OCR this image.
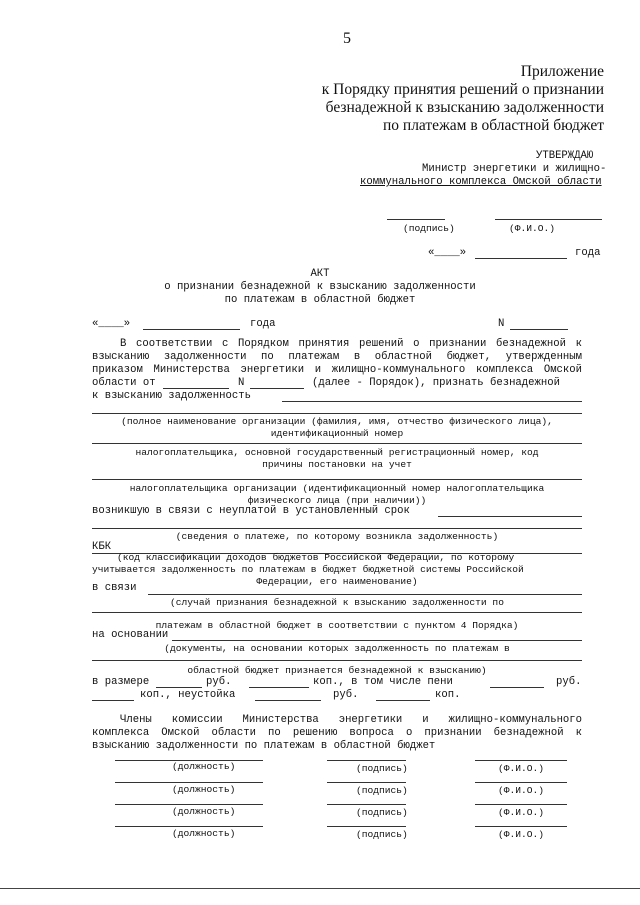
5
Приложение
к Порядку принятия решений о признании
безнадежной к взысканию задолженности
по платежам в областной бюджет
УТВЕРЖДАЮ
Министр энергетики и жилищно-
коммунального комплекса Омской области
(подпись)	(Ф.И.О.)
«____»	года
АКТ
о признании безнадежной к взысканию задолженности
по платежам в областной бюджет
«____»	года	N
В соответствии с Порядком принятия решений о признании безнадежной к
взысканию задолженности по платежам в областной бюджет, утвержденным
приказом Министерства энергетики и жилищно-коммунального комплекса Омской
области от	N	(далее - Порядок), признать безнадежной
к взысканию задолженность
(полное наименование организации (фамилия, имя, отчество физического лица),
идентификационный номер
налогоплательщика, основной государственный регистрационный номер, код
причины постановки на учет
налогоплательщика организации (идентификационный номер налогоплательщика
физического лица (при наличии))
возникшую в связи с неуплатой в установленный срок
(сведения о платеже, по которому возникла задолженность)
КБК
(код классификации доходов бюджетов Российской Федерации, по которому
учитывается задолженность по платежам в бюджет бюджетной системы Российской
Федерации, его наименование)
в связи
(случай признания безнадежной к взысканию задолженности по
платежам в областной бюджет в соответствии с пунктом 4 Порядка)
на основании
(документы, на основании которых задолженность по платежам в
областной бюджет признается безнадежной к взысканию)
в размере	руб.	коп., в том числе пени	руб.
коп., неустойка	руб.	коп.
Члены комиссии Министерства энергетики и жилищно-коммунального
комплекса Омской области по решению вопроса о признании безнадежной к
взысканию задолженности по платежам в областной бюджет
(должность)	(подпись)	(Ф.И.О.)
(должность)	(подпись)	(Ф.И.О.)
(должность)	(подпись)	(Ф.И.О.)
(должность)	(подпись)	(Ф.И.О.)
